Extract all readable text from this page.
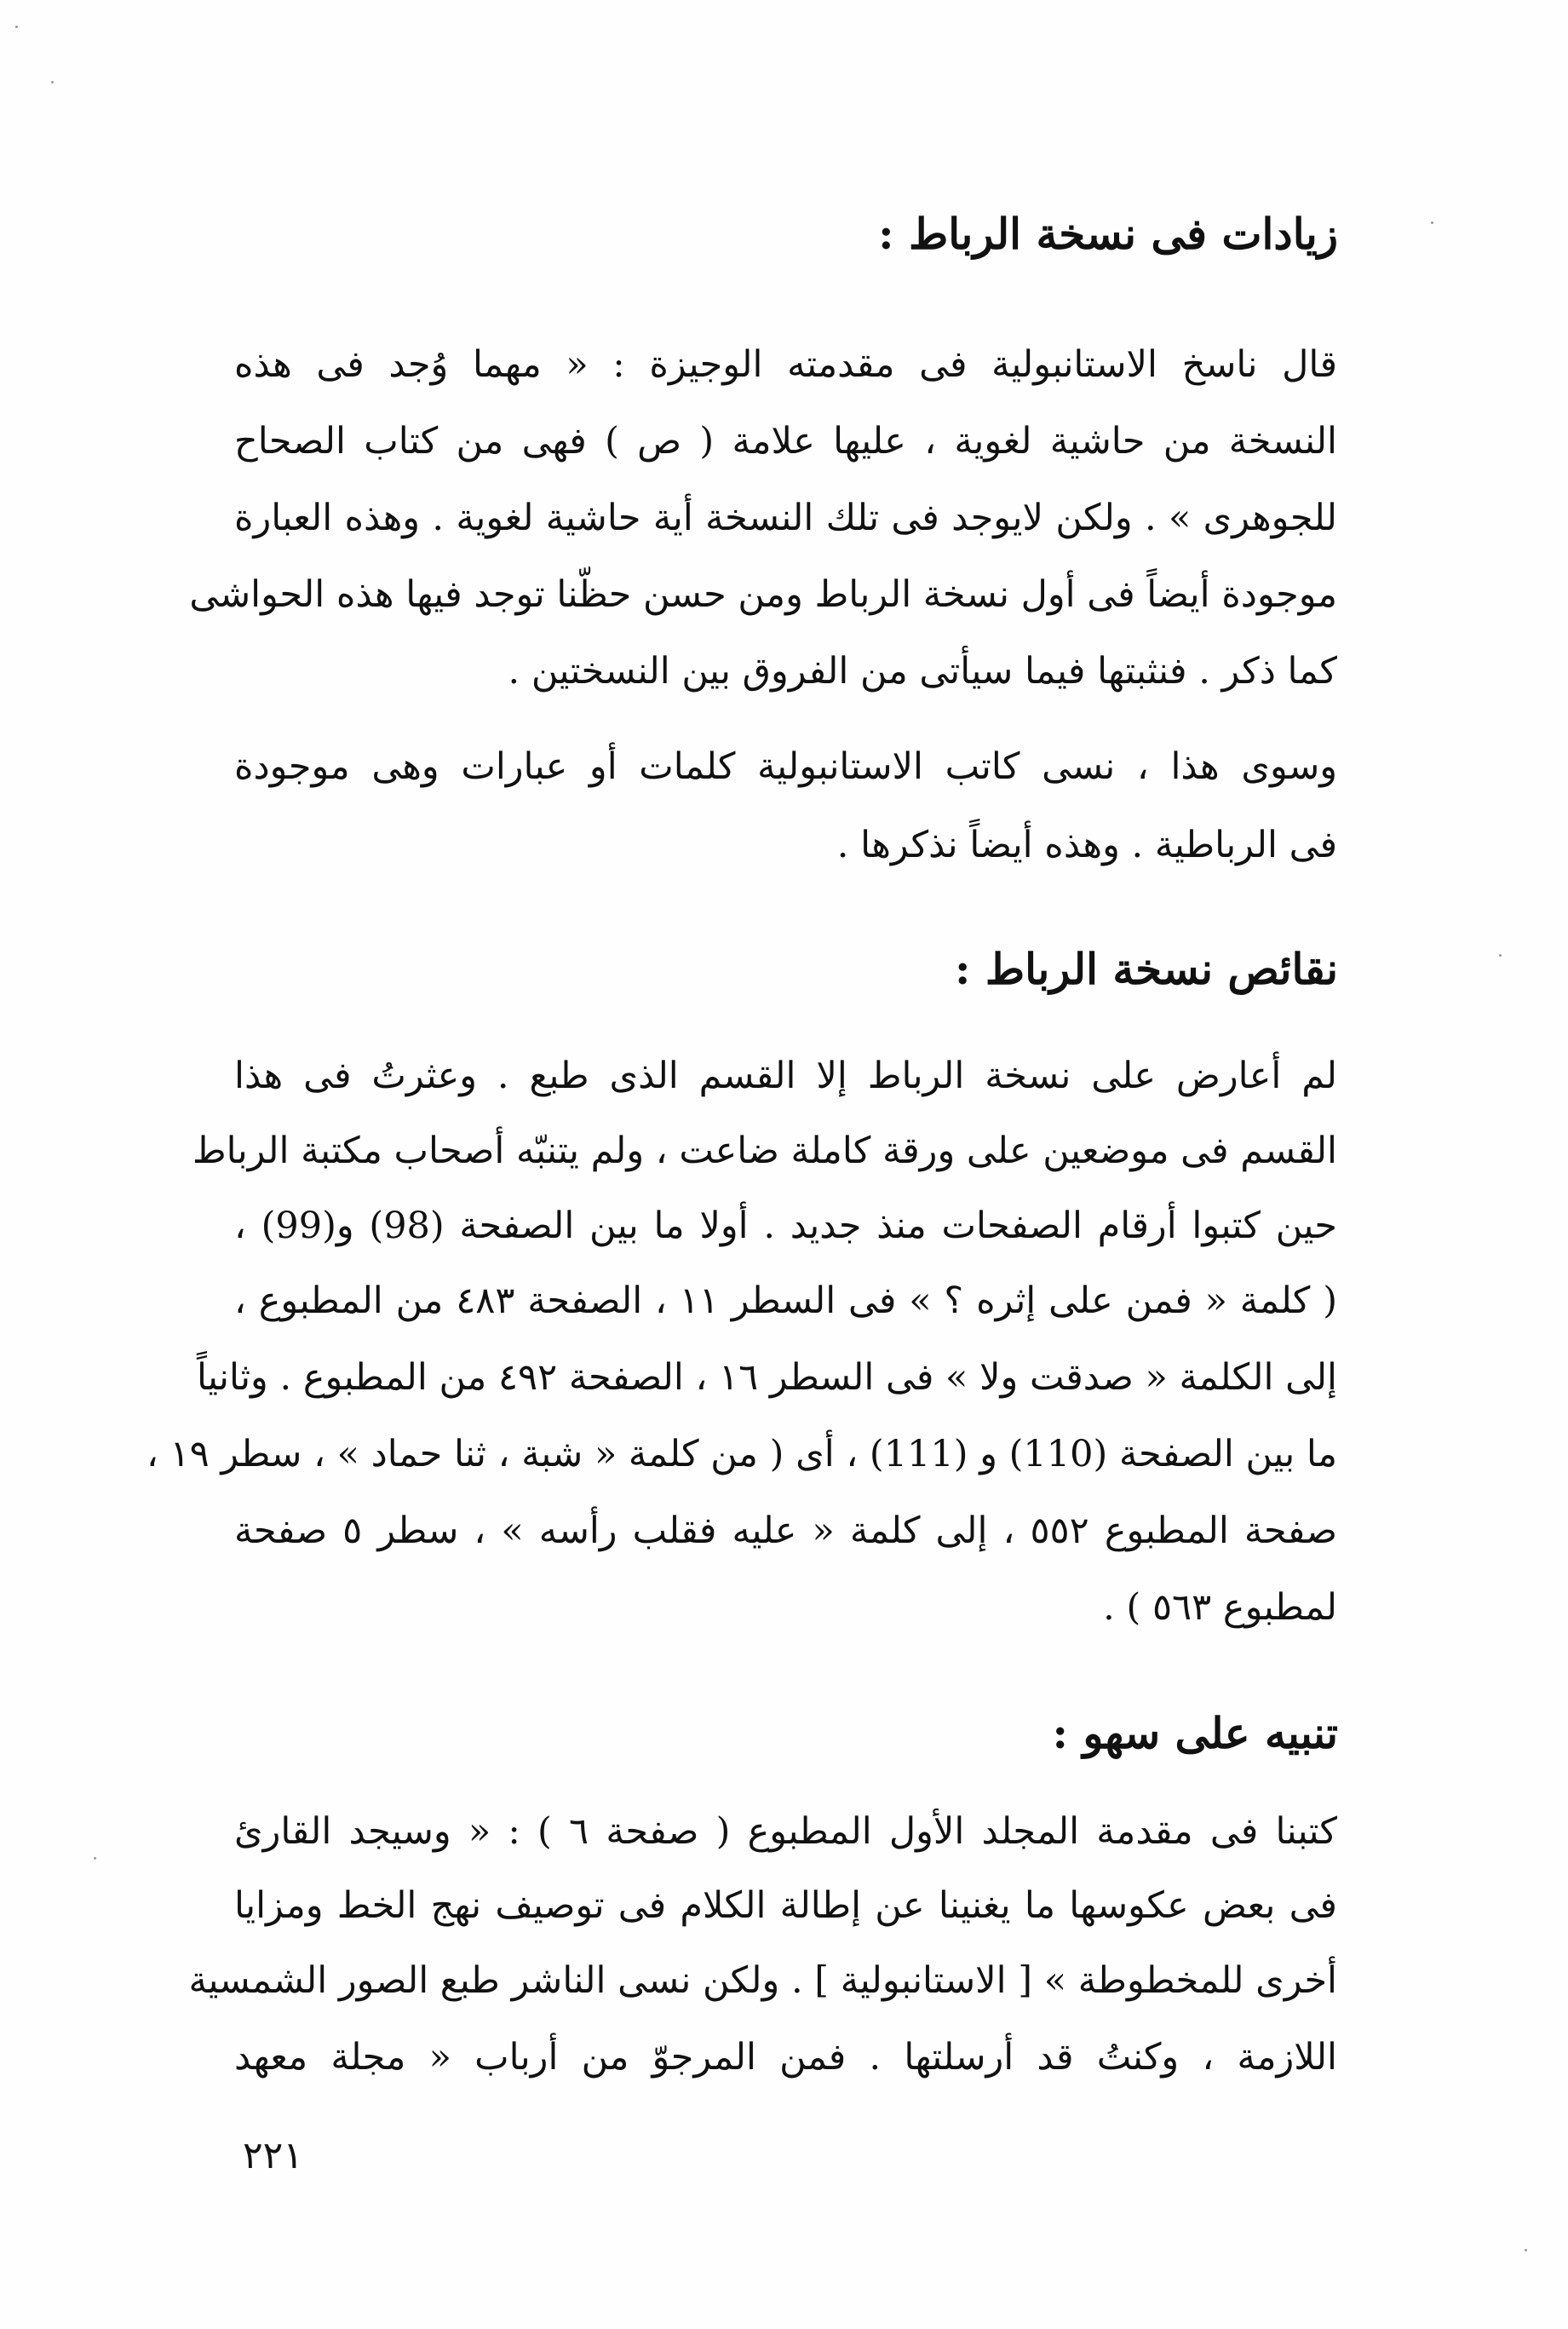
زيادات فى نسخة الرباط :
قال ناسخ الاستانبولية فى مقدمته الوجيزة : « مهما وُجد فى هذه
النسخة من حاشية لغوية ، عليها علامة ( ص ) فهى من كتاب الصحاح
للجوهرى » . ولكن لايوجد فى تلك النسخة أية حاشية لغوية . وهذه العبارة
موجودة أيضاً فى أول نسخة الرباط ومن حسن حظّنا توجد فيها هذه الحواشى
كما ذكر . فنثبتها فيما سيأتى من الفروق بين النسختين .
وسوى هذا ، نسى كاتب الاستانبولية كلمات أو عبارات وهى موجودة
فى الرباطية . وهذه أيضاً نذكرها .
نقائص نسخة الرباط :
لم أعارض على نسخة الرباط إلا القسم الذى طبع . وعثرتُ فى هذا
القسم فى موضعين على ورقة كاملة ضاعت ، ولم يتنبّه أصحاب مكتبة الرباط
حين كتبوا أرقام الصفحات منذ جديد . أولا ما بين الصفحة (98) و(99) ،
( كلمة « فمن على إثره ؟ » فى السطر ١١ ، الصفحة ٤٨٣ من المطبوع ،
إلى الكلمة « صدقت ولا » فى السطر ١٦ ، الصفحة ٤٩٢ من المطبوع . وثانياً
ما بين الصفحة (110) و (111) ، أى ( من كلمة « شبة ، ثنا حماد » ، سطر ١٩ ،
صفحة المطبوع ٥٥٢ ، إلى كلمة « عليه فقلب رأسه » ، سطر ٥ صفحة
لمطبوع ٥٦٣ ) .
تنبيه على سهو :
كتبنا فى مقدمة المجلد الأول المطبوع ( صفحة ٦ ) : « وسيجد القارئ
فى بعض عكوسها ما يغنينا عن إطالة الكلام فى توصيف نهج الخط ومزايا
أخرى للمخطوطة » [ الاستانبولية ] . ولكن نسى الناشر طبع الصور الشمسية
اللازمة ، وكنتُ قد أرسلتها . فمن المرجوّ من أرباب « مجلة معهد
٢٢١
